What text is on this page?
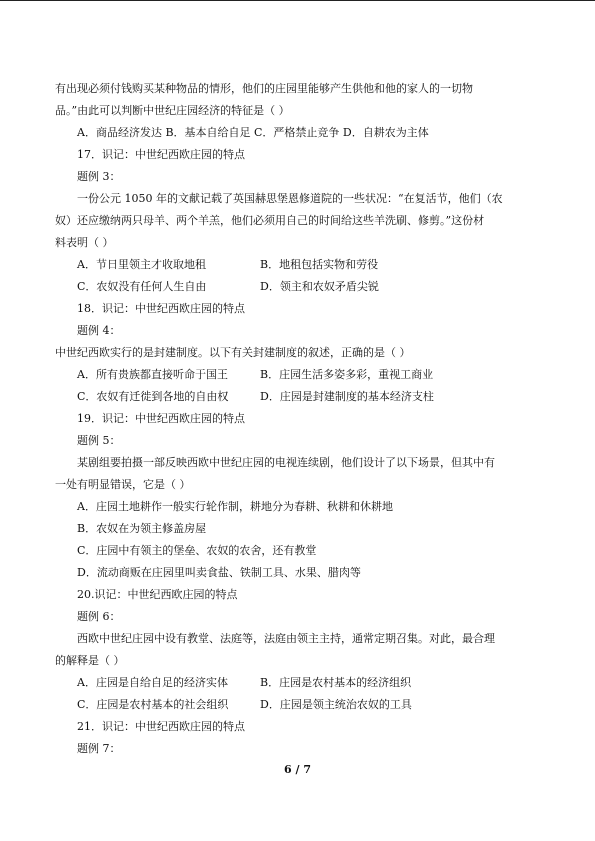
有出现必须付钱购买某种物品的情形，他们的庄园里能够产生供他和他的家人的一切物
品。”由此可以判断中世纪庄园经济的特征是（ ）
A．商品经济发达 B．基本自给自足 C．严格禁止竞争 D．自耕农为主体
17．识记：中世纪西欧庄园的特点
题例 3：
一份公元 1050 年的文献记载了英国赫思堡恩修道院的一些状况：“在复活节，他们（农
奴）还应缴纳两只母羊、两个羊羔，他们必须用自己的时间给这些羊洗刷、修剪。”这份材
料表明（ ）
A．节日里领主才收取地租	B．地租包括实物和劳役
C．农奴没有任何人生自由	D．领主和农奴矛盾尖锐
18．识记：中世纪西欧庄园的特点
题例 4：
中世纪西欧实行的是封建制度。以下有关封建制度的叙述，正确的是（ ）
A．所有贵族都直接听命于国王	B．庄园生活多姿多彩，重视工商业
C．农奴有迁徙到各地的自由权	D．庄园是封建制度的基本经济支柱
19．识记：中世纪西欧庄园的特点
题例 5：
某剧组要拍摄一部反映西欧中世纪庄园的电视连续剧，他们设计了以下场景，但其中有
一处有明显错误，它是（ ）
A．庄园土地耕作一般实行轮作制，耕地分为春耕、秋耕和休耕地
B．农奴在为领主修盖房屋
C．庄园中有领主的堡垒、农奴的农舍，还有教堂
D．流动商贩在庄园里叫卖食盐、铁制工具、水果、腊肉等
20.识记：中世纪西欧庄园的特点
题例 6：
西欧中世纪庄园中设有教堂、法庭等，法庭由领主主持，通常定期召集。对此，最合理
的解释是（ ）
A．庄园是自给自足的经济实体	B．庄园是农村基本的经济组织
C．庄园是农村基本的社会组织	D．庄园是领主统治农奴的工具
21．识记：中世纪西欧庄园的特点
题例 7：
6 / 7
